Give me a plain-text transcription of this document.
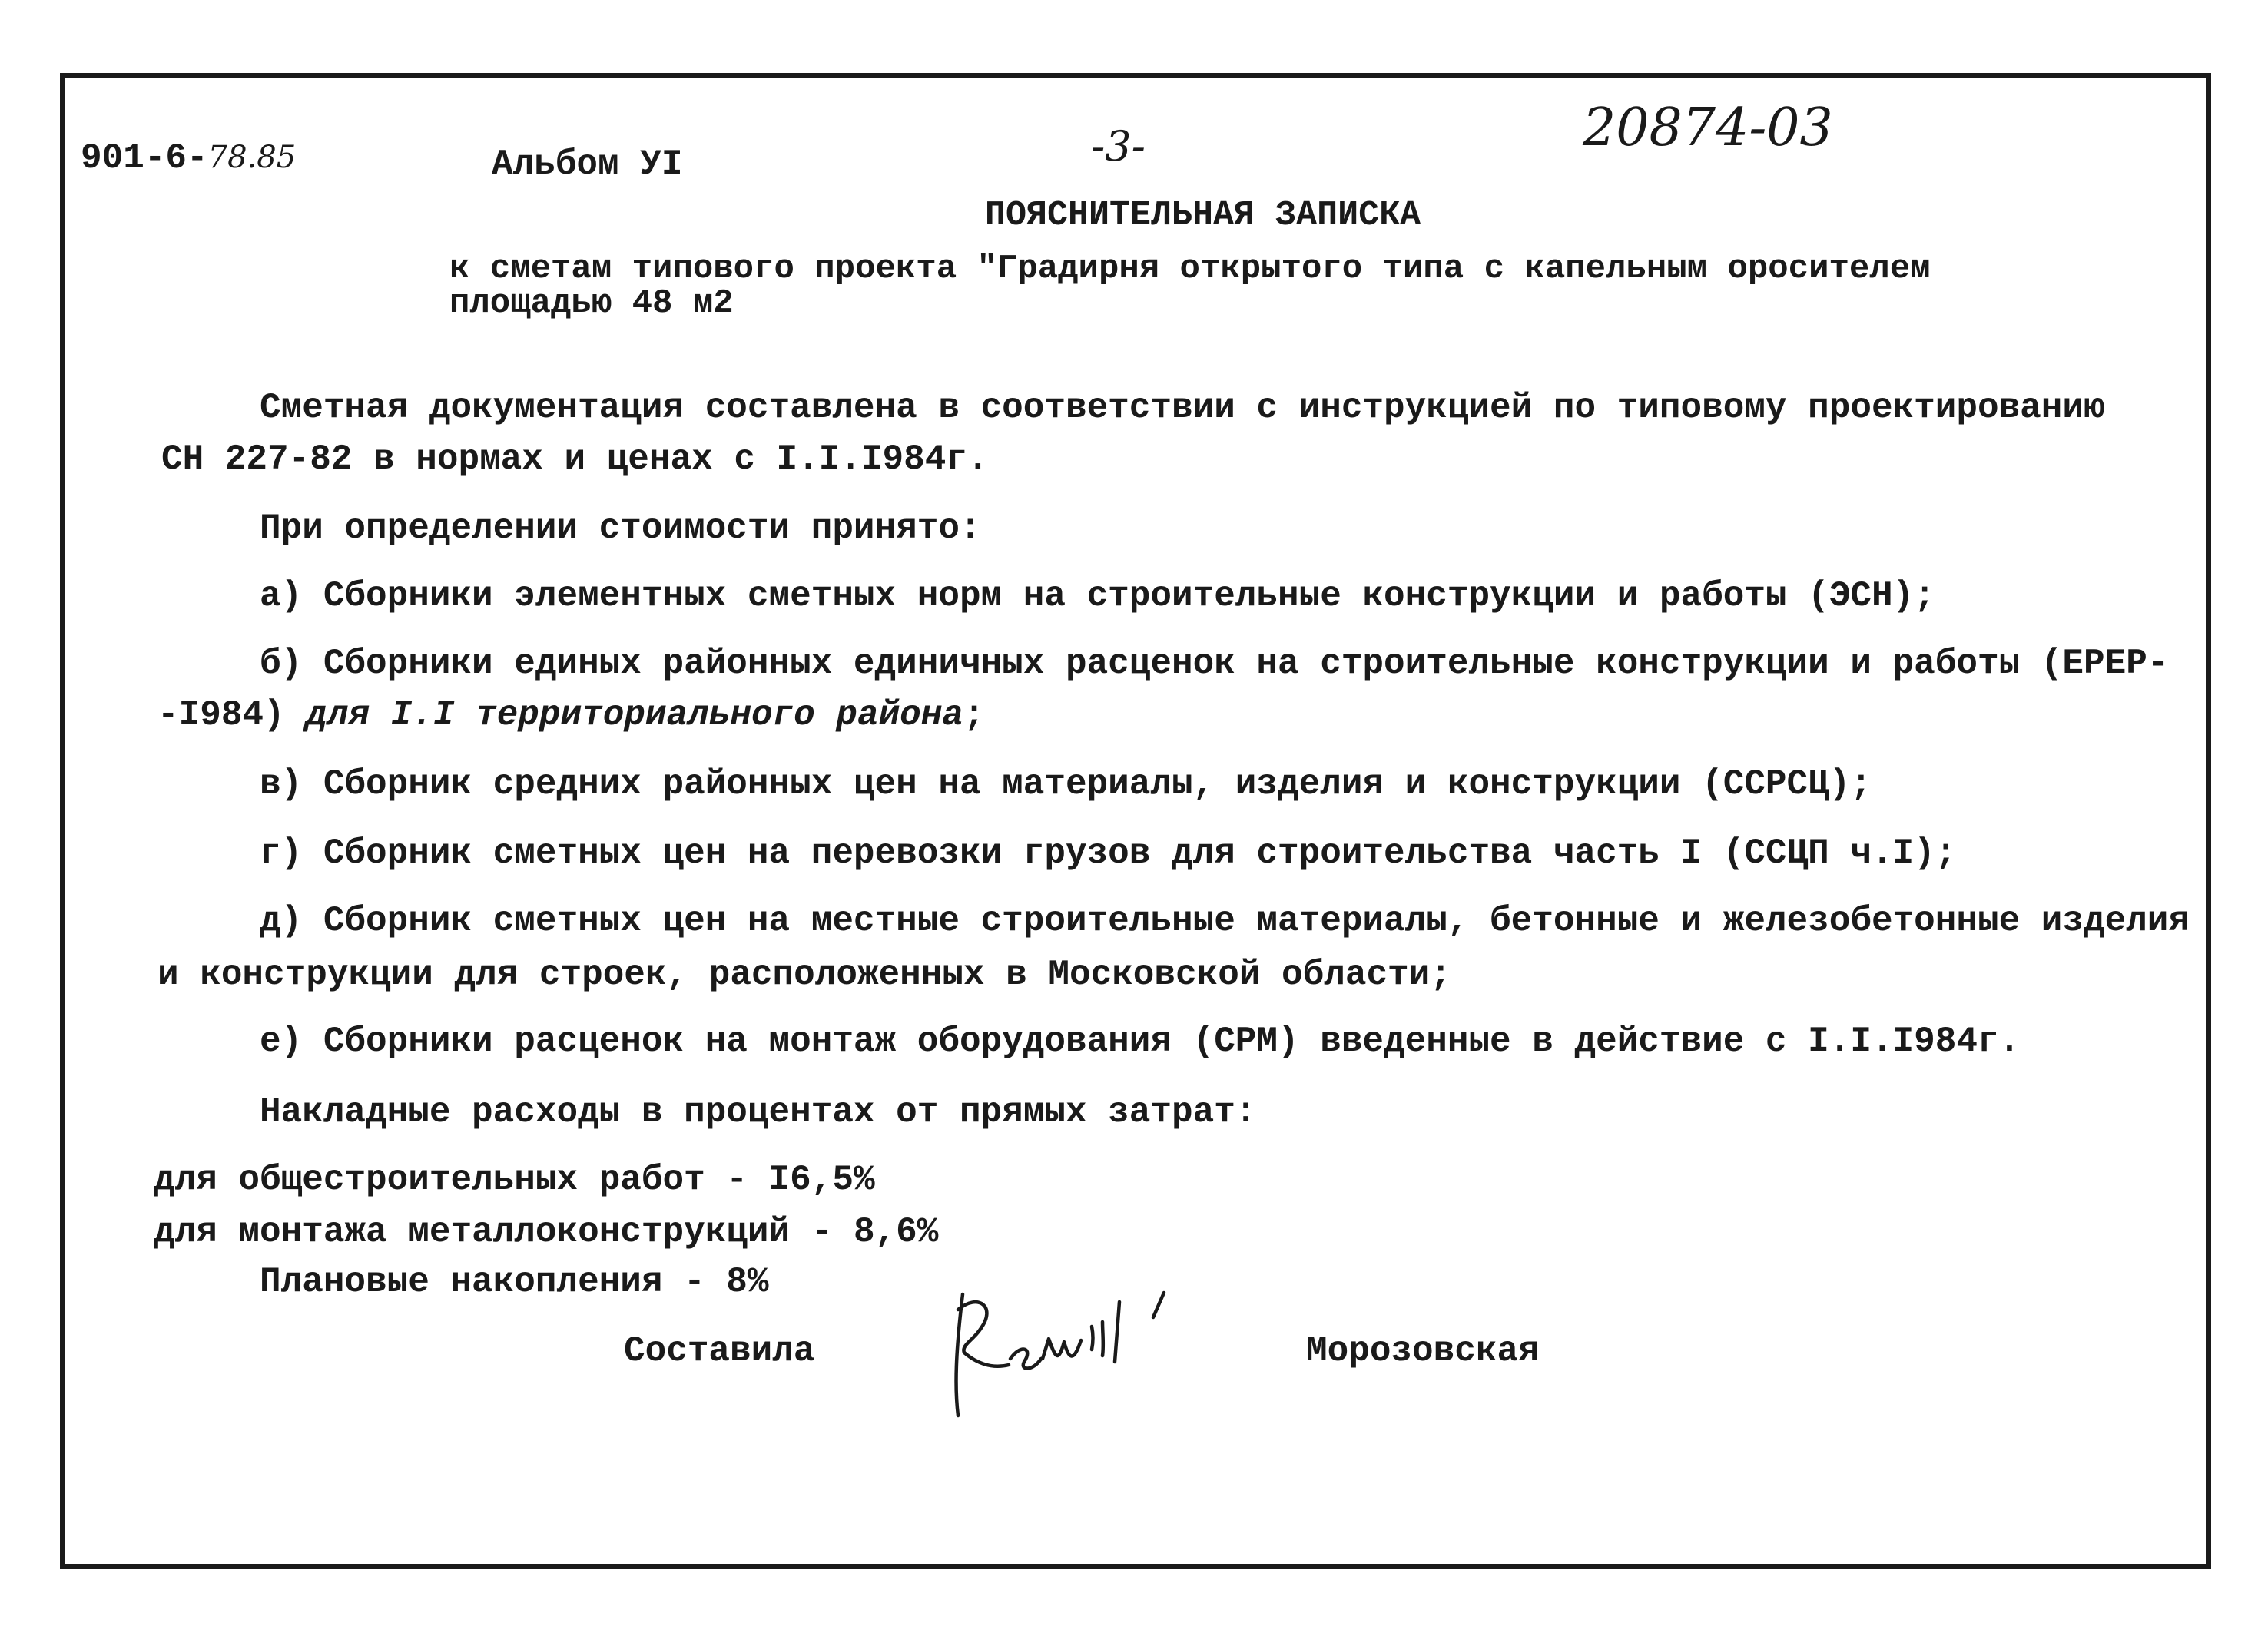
901-6-78.85	Альбом УI	-3-	20874-03
ПОЯСНИТЕЛЬНАЯ ЗАПИСКА
к сметам типового проекта "Градирня открытого типа с капельным оросителем
площадью 48 м2
Сметная документация составлена в соответствии с инструкцией по типовому проектированию
СН 227-82 в нормах и ценах с I.I.I984г.
При определении стоимости принято:
а) Сборники элементных сметных норм на строительные конструкции и работы (ЭСН);
б) Сборники единых районных единичных расценок на строительные конструкции и работы (ЕРЕР-
-I984) для I.I территориального района;
в) Сборник средних районных цен на материалы, изделия и конструкции (ССРСЦ);
г) Сборник сметных цен на перевозки грузов для строительства часть I (ССЦП ч.I);
д) Сборник сметных цен на местные строительные материалы, бетонные и железобетонные изделия
и конструкции для строек, расположенных в Московской области;
е) Сборники расценок на монтаж оборудования (СРМ) введенные в действие с I.I.I984г.
Накладные расходы в процентах от прямых затрат:
для общестроительных работ - I6,5%
для монтажа металлоконструкций - 8,6%
Плановые накопления - 8%
Составила	Морозовская
